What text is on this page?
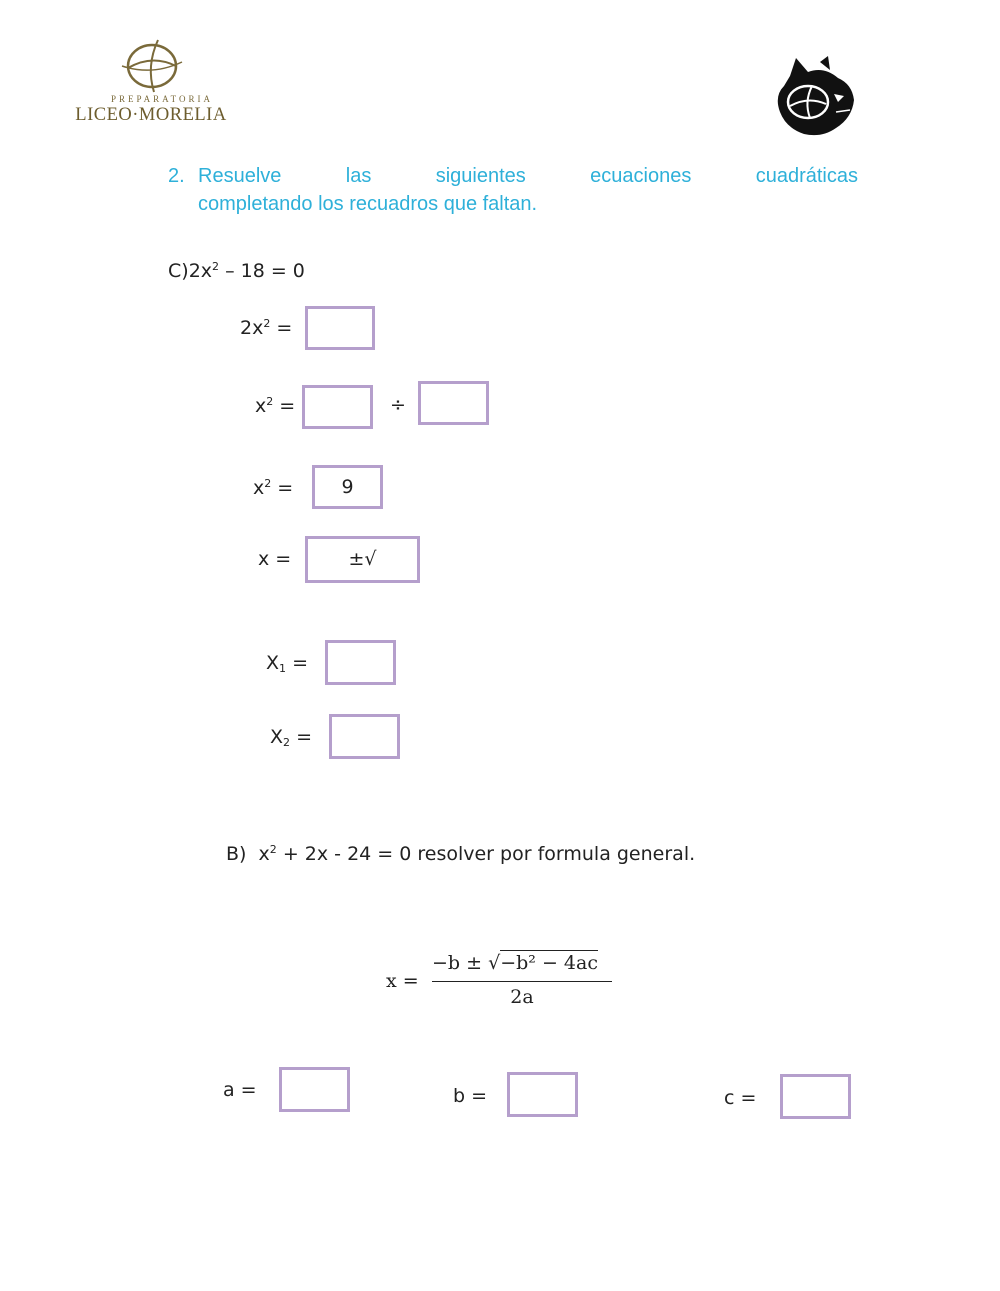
PREPARATORIA
LICEO·MORELIA
2. Resuelve las siguientes ecuaciones cuadráticas
completando los recuadros que faltan.
$C)2x^2 - 18 = 0$
$2x^2$ =
$x^2$ =	÷
$x^2$ =	9
x =	±√
$X_1$ =
$X_2$ =
B) $x^2 + 2x - 24 = 0$ resolver por formula general.
x =
−b ± √−b² − 4ac
2a
a =	b =	c =
